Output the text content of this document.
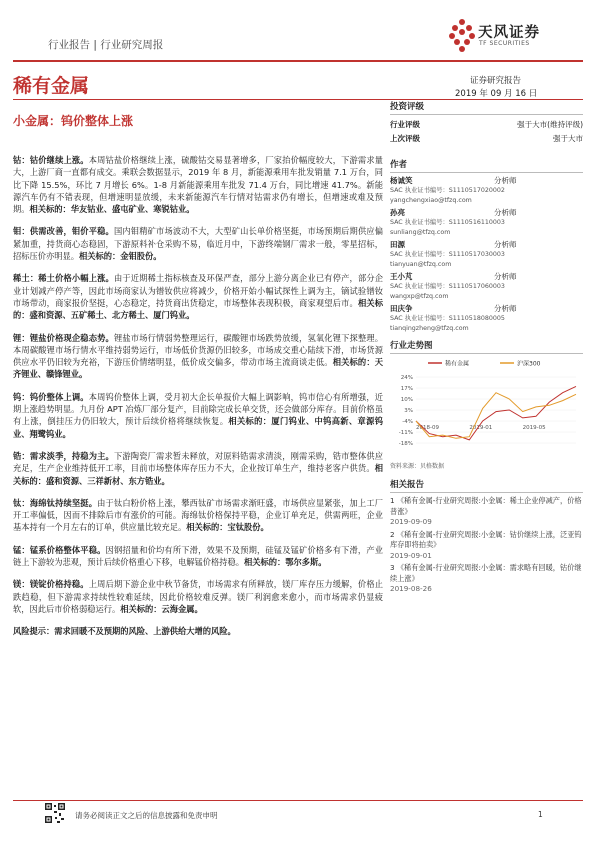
行业报告 | 行业研究周报
天风证券
TF SECURITIES
稀有金属	证券研究报告
2019 年 09 月 16 日
小金属：钨价整体上涨

钴：钴价继续上涨。本周钴盐价格继续上涨，硫酸钴交易显著增多，厂家抬价幅度较大，下游需求量大，上游厂商一直都有成交。乘联会数据显示，2019 年 8 月，新能源乘用车批发销量 7.1 万台，同比下降 15.5%，环比 7 月增长 6%。1-8 月新能源乘用车批发 71.4 万台，同比增速 41.7%。新能源汽车仍有不错表现，但增速明显放缓，未来新能源汽车行情对钴需求仍有增长，但增速或难及预期。相关标的：华友钴业、盛屯矿业、寒锐钴业。

钼：供需改善，钼价平稳。国内钼精矿市场波动不大，大型矿山长单价格坚挺，市场预期后期供应偏紧加重，持货商心态稳固，下游原料补仓采购不易，临近月中，下游终端钢厂需求一般，零星招标，招标压价亦明显。相关标的：金钼股份。

稀土：稀土价格小幅上涨。由于近期稀土指标核查及环保严查，部分上游分离企业已有停产，部分企业计划减产停产等，因此市场商家认为镨钕供应将减少，价格开始小幅试探性上调为主，镝试验镨钕市场带动，商家报价坚挺，心态稳定，持货商出货稳定，市场整体表现积极，商家观望后市。相关标的：盛和资源、五矿稀土、北方稀土、厦门钨业。

锂：锂盐价格现企稳态势。锂盐市场行情弱势整理运行，碳酸锂市场跌势放缓，氢氧化锂下探整理。本周碳酸锂市场行情水平维持弱势运行，市场低价货源仍旧较多，市场成交重心陆续下滑，市场货源供应水平仍旧较为充裕，下游压价情绪明显，低价成交偏多，带动市场主流商谈走低。相关标的：天齐锂业、赣锋锂业。

钨：钨价整体上调。本周钨价整体上调，受月初大企长单报价大幅上调影响，钨市信心有所增强，近期上涨趋势明显。九月份 APT 冶炼厂部分复产，目前除完成长单交货，还会做部分库存。目前价格虽有上涨，倒挂压力仍旧较大，预计后续价格将继续恢复。相关标的：厦门钨业、中钨高新、章源钨业、翔鹭钨业。

锆：需求淡季，持稳为主。下游陶瓷厂需求暂未释放，对原料锆需求清淡，刚需采购，锆市整体供应充足，生产企业维持低开工率，目前市场整体库存压力不大，企业按订单生产，维持老客户供货。相关标的：盛和资源、三祥新材、东方锆业。

钛：海绵钛持续坚挺。由于钛白粉价格上涨，攀西钛矿市场需求渐旺盛，市场供应显紧张，加上工厂开工率偏低，因而不排除后市有涨价的可能。海绵钛价格保持平稳，企业订单充足，供需两旺，企业基本持有一个月左右的订单，供应量比较充足。相关标的：宝钛股份。

锰：锰系价格整体平稳。因钢招量和价均有所下滑，效果不及预期，硅锰及锰矿价格多有下滑，产业链上下游较为悲观，预计后续价格重心下移，电解锰价格持稳。相关标的：鄂尔多斯。

镁：镁锭价格持稳。上周后期下游企业中秋节备货，市场需求有所释放，镁厂库存压力缓解，价格止跌趋稳，但下游需求持续性较难延续，因此价格较难反弹。镁厂利润愈来愈小，而市场需求仍显疲软，因此后市价格弱稳运行。相关标的：云海金属。

风险提示：需求回暖不及预期的风险、上游供给大增的风险。

投资评级
行业评级	强于大市(维持评级)
上次评级	强于大市
作者
杨诚笑	分析师
SAC 执业证书编号：S1110517020002
yangchengxiao@tfzq.com
孙亮	分析师
SAC 执业证书编号：S1110516110003
sunliang@tfzq.com
田源	分析师
SAC 执业证书编号：S1110517030003
tianyuan@tfzq.com
王小芃	分析师
SAC 执业证书编号：S1110517060003
wangxp@tfzq.com
田庆争	分析师
SAC 执业证书编号：S1110518080005
tianqingzheng@tfzq.com
行业走势图
稀有金属	沪深300
24%
17%
10%
3%
-4%
-11%
-18%
2018-09	2019-01	2019-05
资料来源：贝格数据
相关报告
1 《稀有金属-行业研究周报:小金属：稀土企业停减产，价格普涨》
2019-09-09
2 《稀有金属-行业研究周报:小金属：钴价继续上涨，泛亚钨库存即将拍卖》
2019-09-01
3 《稀有金属-行业研究周报:小金属：需求略有回暖，钴价继续上涨》
2019-08-26
请务必阅读正文之后的信息披露和免责申明	1
